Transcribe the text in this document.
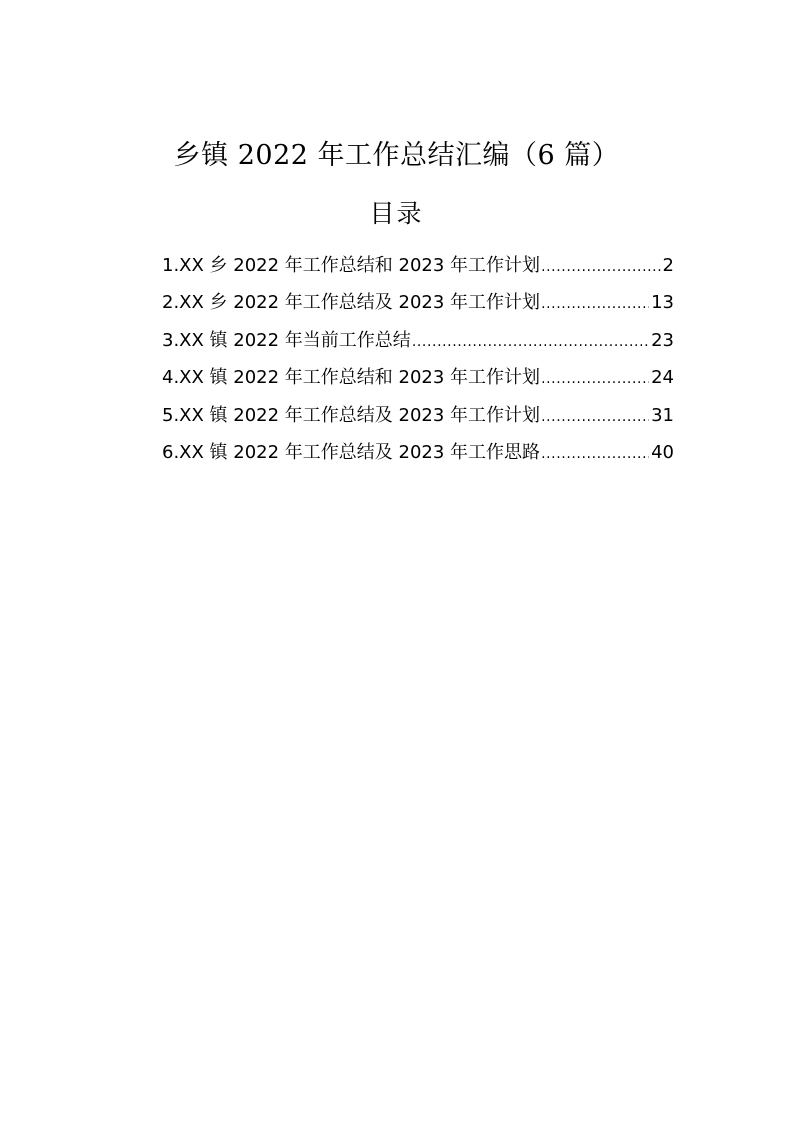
乡镇 2022 年工作总结汇编（6 篇）
目录
1.XX 乡 2022 年工作总结和 2023 年工作计划 .....	2
2.XX 乡 2022 年工作总结及 2023 年工作计划 .....	13
3.XX 镇 2022 年当前工作总结 .....	23
4.XX 镇 2022 年工作总结和 2023 年工作计划 .....	24
5.XX 镇 2022 年工作总结及 2023 年工作计划 .....	31
6.XX 镇 2022 年工作总结及 2023 年工作思路 .....	40
